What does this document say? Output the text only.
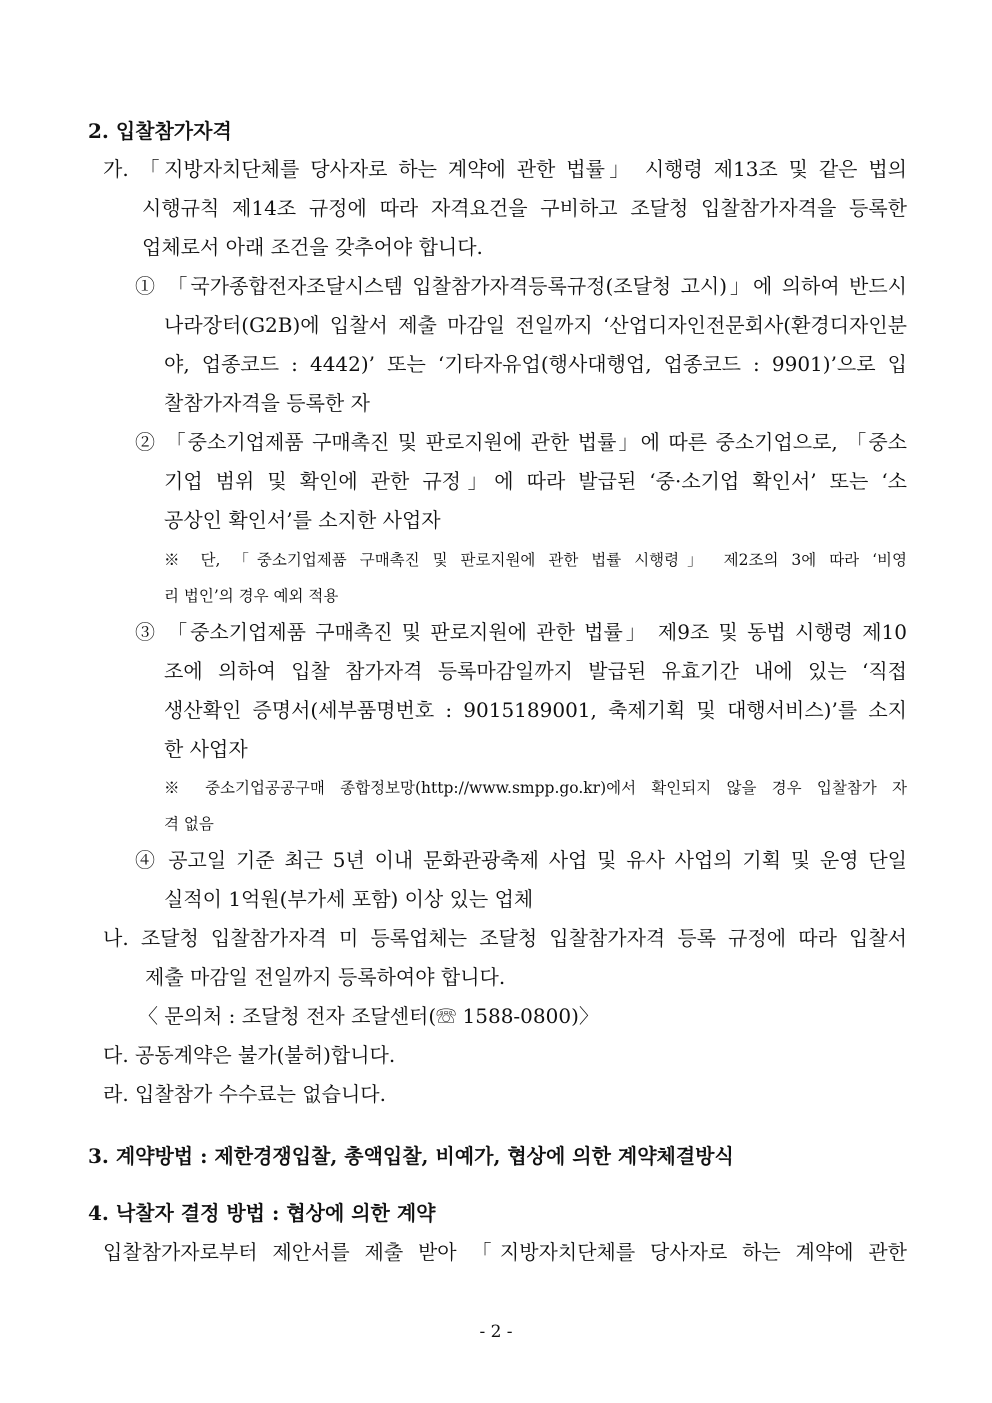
2. 입찰참가자격

가. 「지방자치단체를 당사자로 하는 계약에 관한 법률」 시행령 제13조 및 같은 법의

시행규칙 제14조 규정에 따라 자격요건을 구비하고 조달청 입찰참가자격을 등록한

업체로서 아래 조건을 갖추어야 합니다.

① 「국가종합전자조달시스템 입찰참가자격등록규정(조달청 고시)」에 의하여 반드시

나라장터(G2B)에 입찰서 제출 마감일 전일까지 ‘산업디자인전문회사(환경디자인분

야, 업종코드 : 4442)’ 또는 ‘기타자유업(행사대행업, 업종코드 : 9901)’으로 입

찰참가자격을 등록한 자

② 「중소기업제품 구매촉진 및 판로지원에 관한 법률」에 따른 중소기업으로, 「중소

기업 범위 및 확인에 관한 규정」에 따라 발급된 ‘중·소기업 확인서’ 또는 ‘소

공상인 확인서’를 소지한 사업자

※ 단, 「중소기업제품 구매촉진 및 판로지원에 관한 법률 시행령」 제2조의 3에 따라 ‘비영

리 법인’의 경우 예외 적용

③ 「중소기업제품 구매촉진 및 판로지원에 관한 법률」 제9조 및 동법 시행령 제10

조에 의하여 입찰 참가자격 등록마감일까지 발급된 유효기간 내에 있는 ‘직접

생산확인 증명서(세부품명번호 : 9015189001, 축제기획 및 대행서비스)’를 소지

한 사업자

※ 중소기업공공구매 종합정보망(http://www.smpp.go.kr)에서 확인되지 않을 경우 입찰참가 자

격 없음

④ 공고일 기준 최근 5년 이내 문화관광축제 사업 및 유사 사업의 기획 및 운영 단일

실적이 1억원(부가세 포함) 이상 있는 업체

나. 조달청 입찰참가자격 미 등록업체는 조달청 입찰참가자격 등록 규정에 따라 입찰서

제출 마감일 전일까지 등록하여야 합니다.

〈 문의처 : 조달청 전자 조달센터(☏ 1588-0800)〉

다. 공동계약은 불가(불허)합니다.

라. 입찰참가 수수료는 없습니다.

3. 계약방법 : 제한경쟁입찰, 총액입찰, 비예가, 협상에 의한 계약체결방식

4. 낙찰자 결정 방법 : 협상에 의한 계약

입찰참가자로부터 제안서를 제출 받아 「지방자치단체를 당사자로 하는 계약에 관한

- 2 -
